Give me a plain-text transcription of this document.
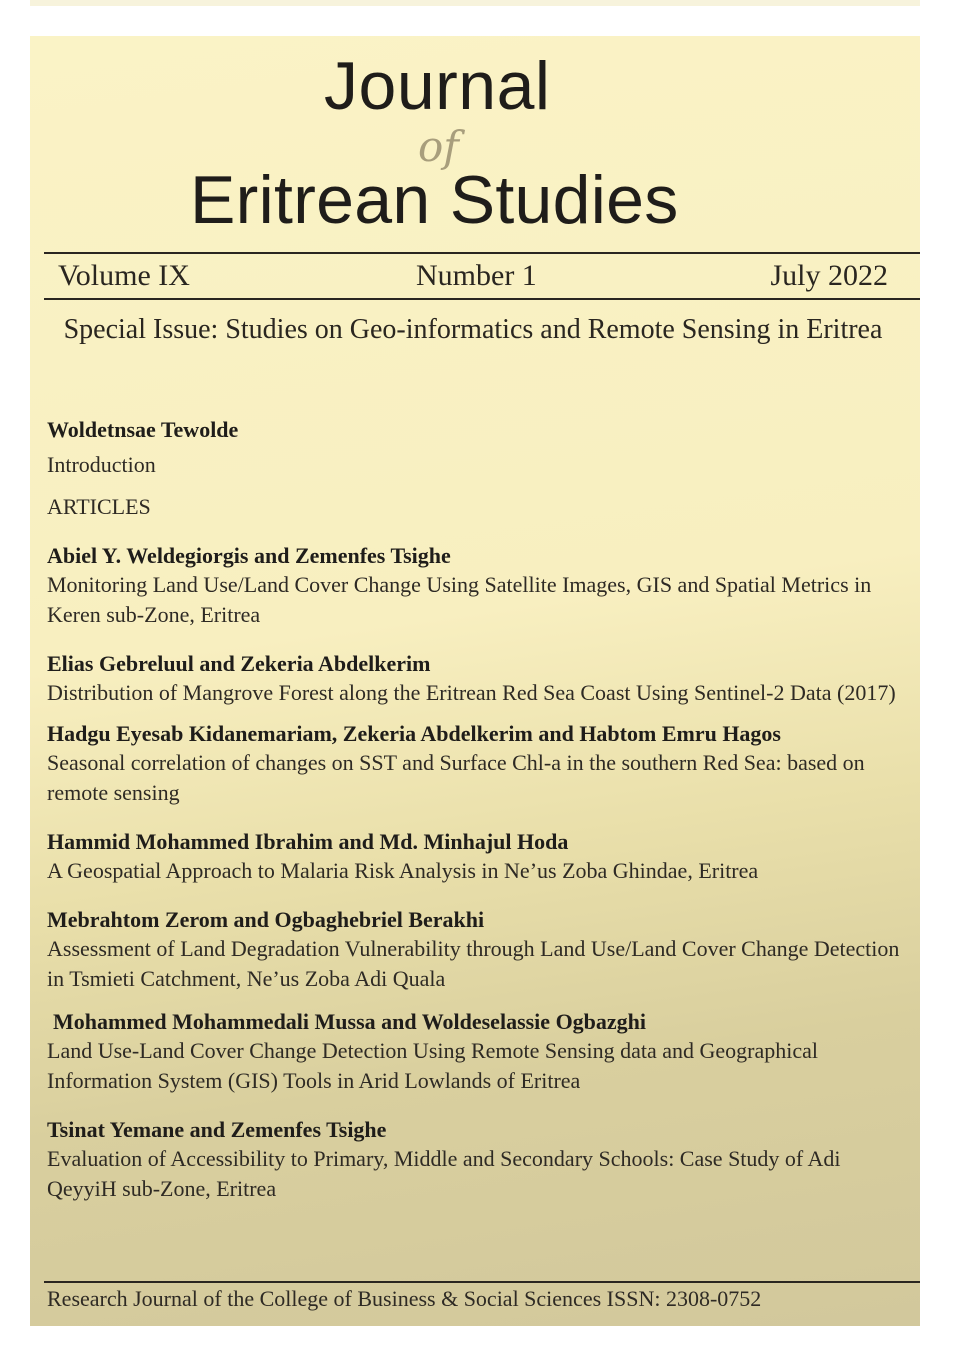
Journal
of
Eritrean Studies
Volume IX	Number 1	July 2022
Special Issue: Studies on Geo-informatics and Remote Sensing in Eritrea
Woldetnsae Tewolde
Introduction
ARTICLES
Abiel Y. Weldegiorgis and Zemenfes Tsighe
Monitoring Land Use/Land Cover Change Using Satellite Images, GIS and Spatial Metrics in Keren sub-Zone, Eritrea
Elias Gebreluul and Zekeria Abdelkerim
Distribution of Mangrove Forest along the Eritrean Red Sea Coast Using Sentinel-2 Data (2017)
Hadgu Eyesab Kidanemariam, Zekeria Abdelkerim and Habtom Emru Hagos
Seasonal correlation of changes on SST and Surface Chl-a in the southern Red Sea: based on remote sensing
Hammid Mohammed Ibrahim and Md. Minhajul Hoda
A Geospatial Approach to Malaria Risk Analysis in Ne’us Zoba Ghindae, Eritrea
Mebrahtom Zerom and Ogbaghebriel Berakhi
Assessment of Land Degradation Vulnerability through Land Use/Land Cover Change Detection in Tsmieti Catchment, Ne’us Zoba Adi Quala
Mohammed Mohammedali Mussa and Woldeselassie Ogbazghi
Land Use-Land Cover Change Detection Using Remote Sensing data and Geographical Information System (GIS) Tools in Arid Lowlands of Eritrea
Tsinat Yemane and Zemenfes Tsighe
Evaluation of Accessibility to Primary, Middle and Secondary Schools: Case Study of Adi QeyyiH sub-Zone, Eritrea
Research Journal of the College of Business & Social Sciences ISSN: 2308-0752
